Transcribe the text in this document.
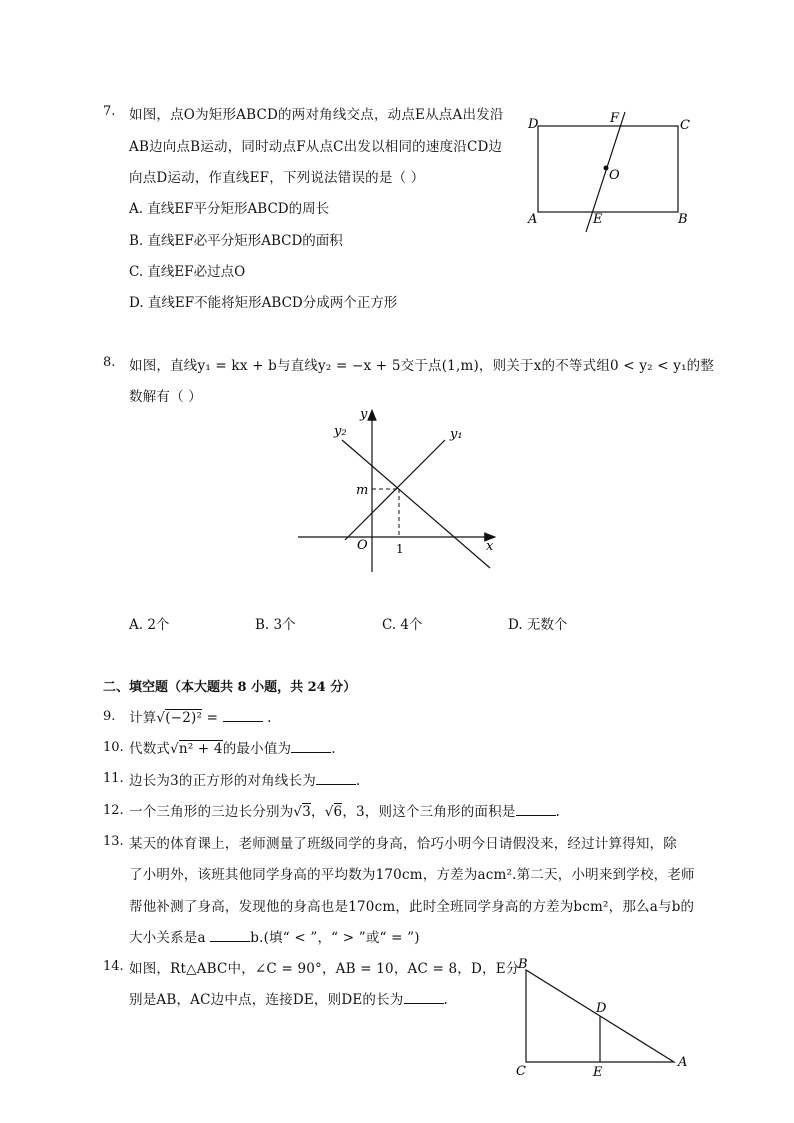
7. 如图，点O为矩形ABCD的两对角线交点，动点E从点A出发沿
AB边向点B运动，同时动点F从点C出发以相同的速度沿CD边
向点D运动，作直线EF，下列说法错误的是（ ）
A. 直线EF平分矩形ABCD的周长
B. 直线EF必平分矩形ABCD的面积
C. 直线EF必过点O
D. 直线EF不能将矩形ABCD分成两个正方形
D	F	C
O
A	E	B
8. 如图，直线y₁ = kx + b与直线y₂ = −x + 5交于点(1,m)，则关于x的不等式组0 < y₂ < y₁的整
数解有（ ）
y
y₂	y₁
m
O 1	x
A. 2个	B. 3个	C. 4个	D. 无数个
二、填空题（本大题共 8 小题，共 24 分）
9. 计算√(−2)² =	.
10. 代数式√n² + 4的最小值为	.
11. 边长为3的正方形的对角线长为	.
12. 一个三角形的三边长分别为√3，√6，3，则这个三角形的面积是	.
13. 某天的体育课上，老师测量了班级同学的身高，恰巧小明今日请假没来，经过计算得知，除
了小明外，该班其他同学身高的平均数为170cm，方差为acm².第二天，小明来到学校，老师
帮他补测了身高，发现他的身高也是170cm，此时全班同学身高的方差为bcm²，那么a与b的
大小关系是a	b.(填“ < ”，“ > ”或“ = ”)
14. 如图，Rt△ABC中，∠C = 90°，AB = 10，AC = 8，D，E分
别是AB，AC边中点，连接DE，则DE的长为	.
B
D
C	E
A
